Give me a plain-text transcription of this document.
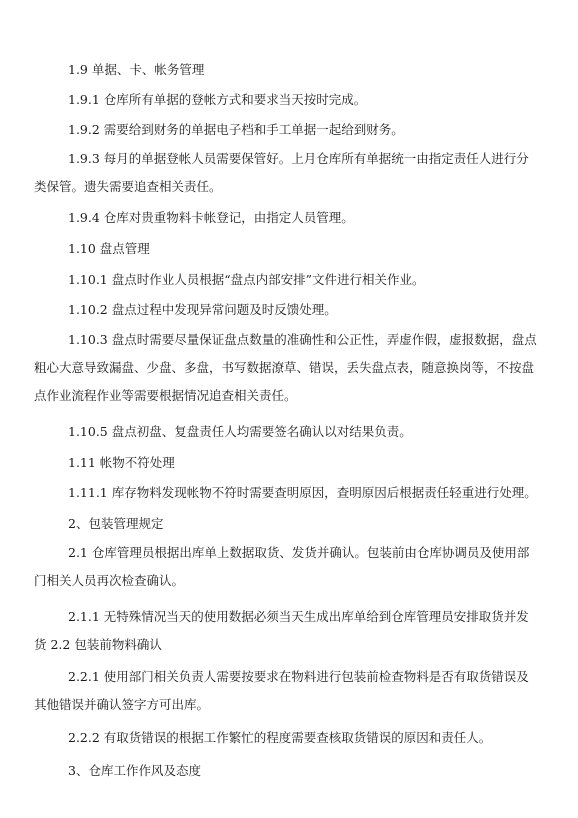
1.9 单据、卡、帐务管理
1.9.1 仓库所有单据的登帐方式和要求当天按时完成。
1.9.2 需要给到财务的单据电子档和手工单据一起给到财务。

1.9.3 每月的单据登帐人员需要保管好。上月仓库所有单据统一由指定责任人进行分类保管。遗失需要追查相关责任。

1.9.4 仓库对贵重物料卡帐登记，由指定人员管理。
1.10 盘点管理
1.10.1 盘点时作业人员根据“盘点内部安排”文件进行相关作业。
1.10.2 盘点过程中发现异常问题及时反馈处理。

1.10.3 盘点时需要尽量保证盘点数量的准确性和公正性，弄虚作假，虚报数据，盘点粗心大意导致漏盘、少盘、多盘，书写数据潦草、错误，丢失盘点表，随意换岗等，不按盘点作业流程作业等需要根据情况追查相关责任。

1.10.5 盘点初盘、复盘责任人均需要签名确认以对结果负责。
1.11 帐物不符处理
1.11.1 库存物料发现帐物不符时需要查明原因，查明原因后根据责任轻重进行处理。
2、包装管理规定

2.1 仓库管理员根据出库单上数据取货、发货并确认。包装前由仓库协调员及使用部门相关人员再次检查确认。

2.1.1 无特殊情况当天的使用数据必须当天生成出库单给到仓库管理员安排取货并发货 2.2 包装前物料确认

2.2.1 使用部门相关负责人需要按要求在物料进行包装前检查物料是否有取货错误及其他错误并确认签字方可出库。

2.2.2 有取货错误的根据工作繁忙的程度需要查核取货错误的原因和责任人。
3、仓库工作作风及态度
